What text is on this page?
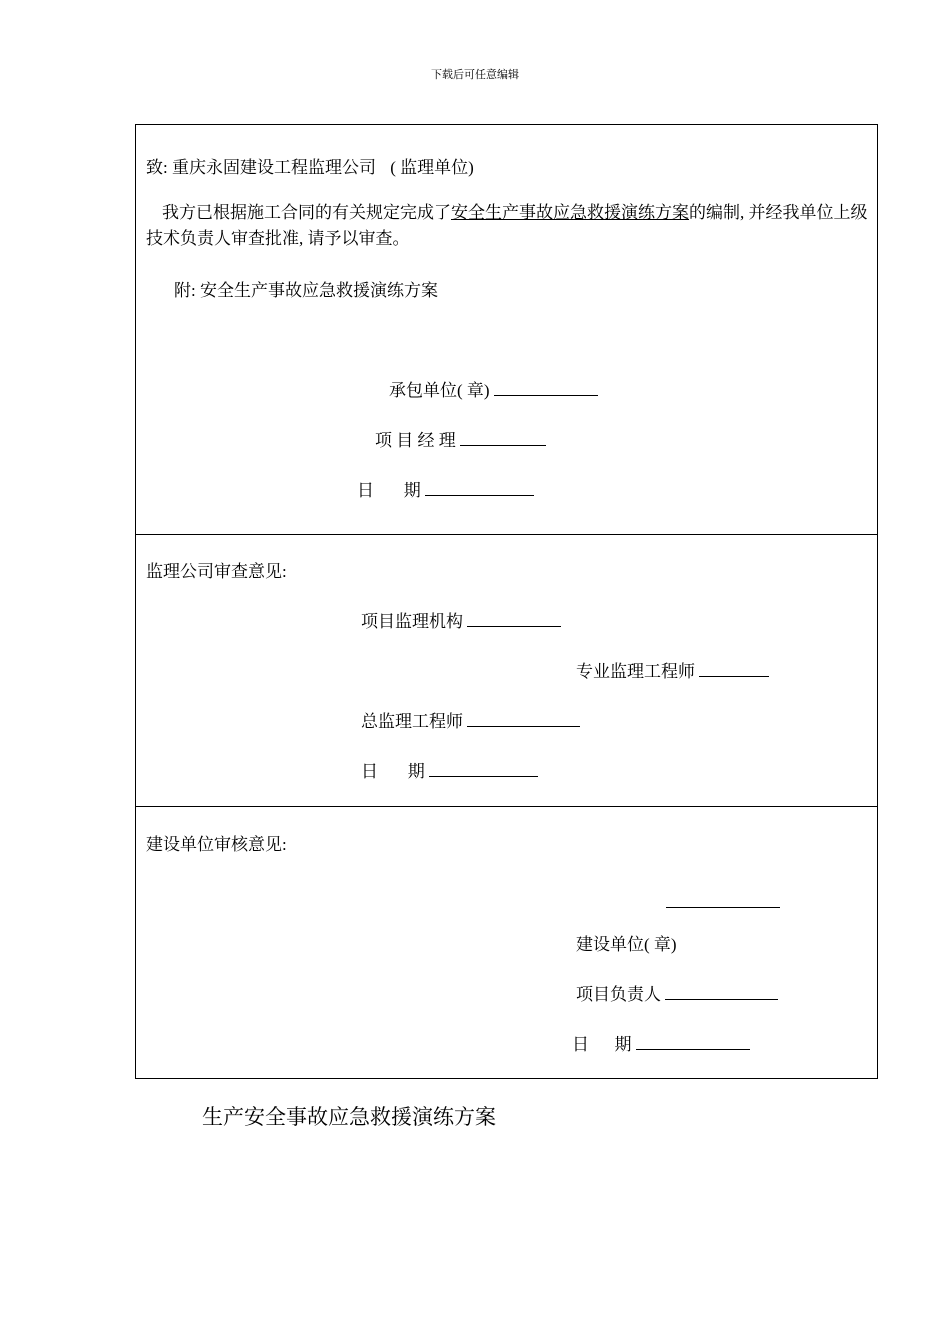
下载后可任意编辑
致: 重庆永固建设工程监理公司 ( 监理单位)
我方已根据施工合同的有关规定完成了安全生产事故应急救援演练方案的编制, 并经我单位上级技术负责人审查批准, 请予以审查。
附: 安全生产事故应急救援演练方案
承包单位( 章)
项 目 经 理
日       期
监理公司审查意见:
项目监理机构
专业监理工程师
总监理工程师
日       期
建设单位审核意见:
建设单位( 章)
项目负责人
日      期
生产安全事故应急救援演练方案
